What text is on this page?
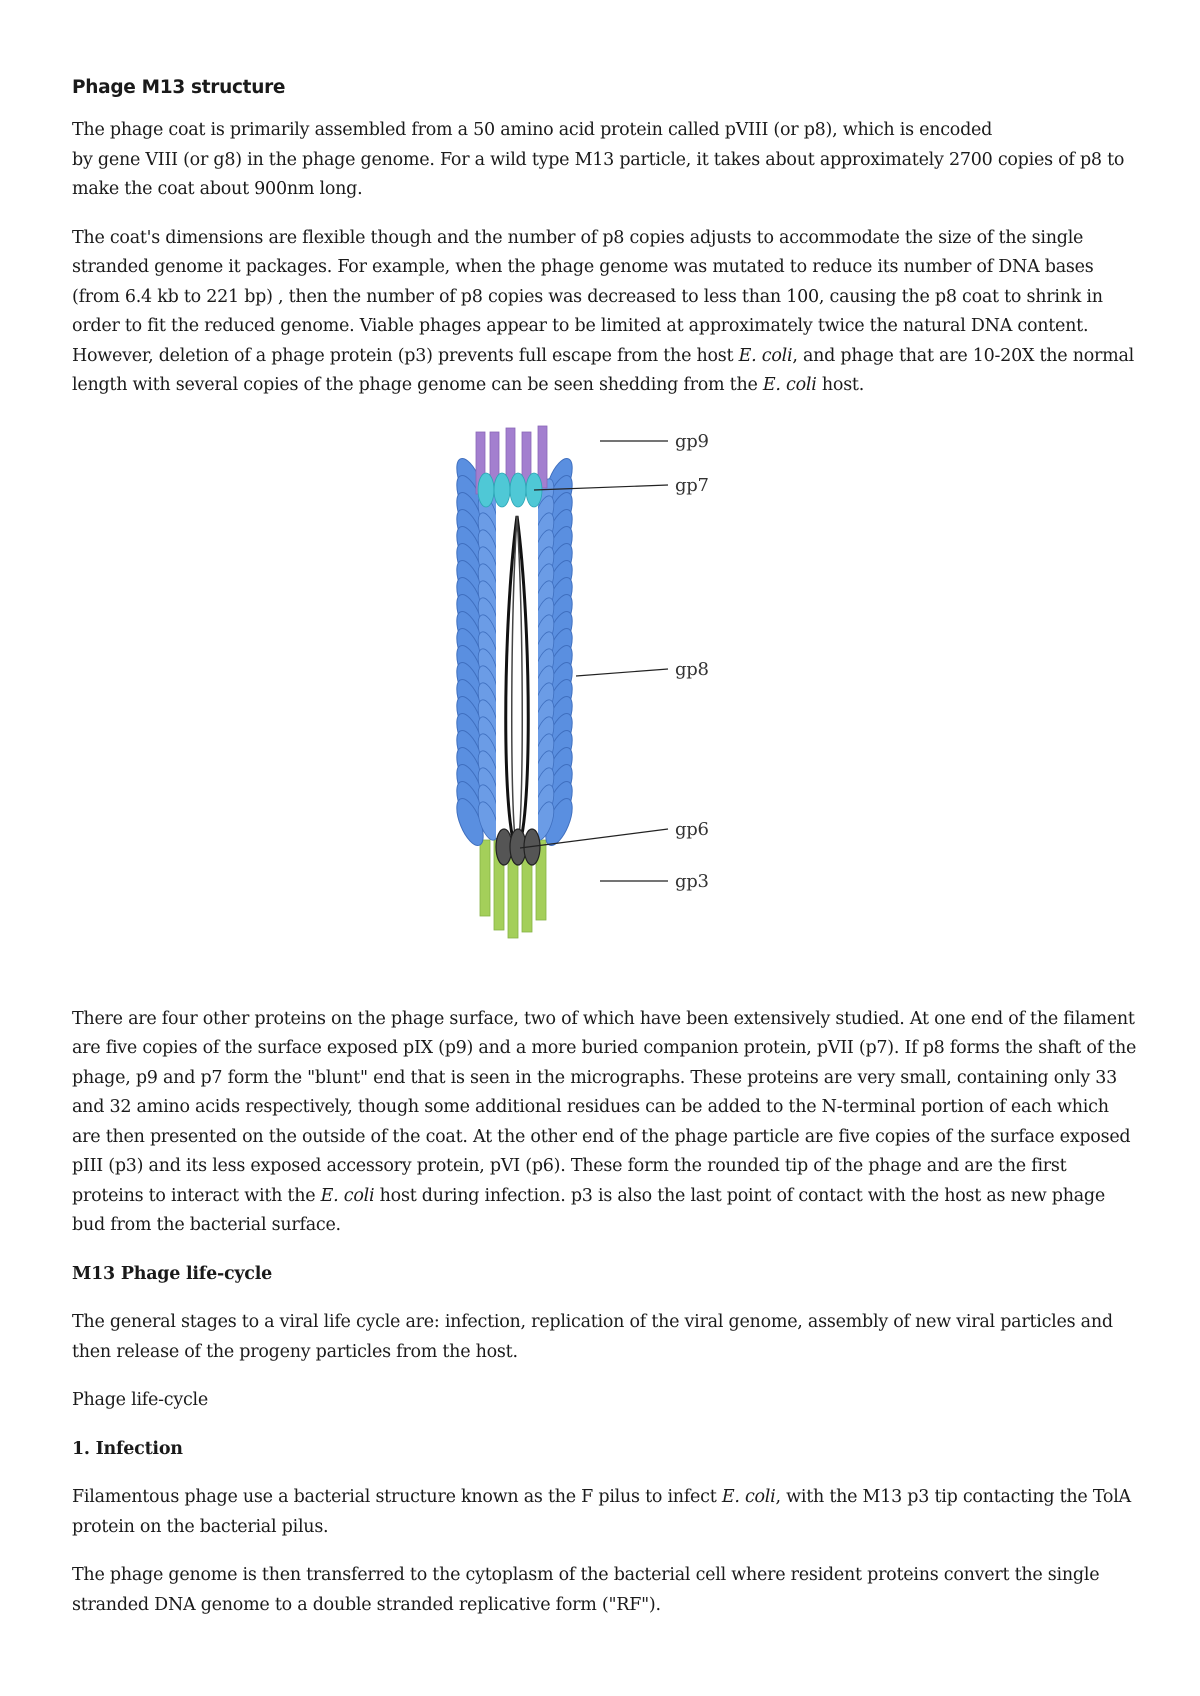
Phage M13 structure

The phage coat is primarily assembled from a 50 amino acid protein called pVIII (or p8), which is encoded
by gene VIII (or g8) in the phage genome. For a wild type M13 particle, it takes about approximately 2700 copies of p8 to make the coat about 900nm long.

The coat's dimensions are flexible though and the number of p8 copies adjusts to accommodate the size of the single stranded genome it packages. For example, when the phage genome was mutated to reduce its number of DNA bases (from 6.4 kb to 221 bp) , then the number of p8 copies was decreased to less than 100, causing the p8 coat to shrink in order to fit the reduced genome. Viable phages appear to be limited at approximately twice the natural DNA content. However, deletion of a phage protein (p3) prevents full escape from the host E. coli, and phage that are 10-20X the normal length with several copies of the phage genome can be seen shedding from the E. coli host.

gp9
gp7
gp8
gp6
gp3

There are four other proteins on the phage surface, two of which have been extensively studied. At one end of the filament are five copies of the surface exposed pIX (p9) and a more buried companion protein, pVII (p7). If p8 forms the shaft of the phage, p9 and p7 form the "blunt" end that is seen in the micrographs. These proteins are very small, containing only 33 and 32 amino acids respectively, though some additional residues can be added to the N-terminal portion of each which are then presented on the outside of the coat. At the other end of the phage particle are five copies of the surface exposed pIII (p3) and its less exposed accessory protein, pVI (p6). These form the rounded tip of the phage and are the first proteins to interact with the E. coli host during infection. p3 is also the last point of contact with the host as new phage bud from the bacterial surface.

M13 Phage life-cycle

The general stages to a viral life cycle are: infection, replication of the viral genome, assembly of new viral particles and then release of the progeny particles from the host.

Phage life-cycle

1. Infection

Filamentous phage use a bacterial structure known as the F pilus to infect E. coli, with the M13 p3 tip contacting the TolA protein on the bacterial pilus.

The phage genome is then transferred to the cytoplasm of the bacterial cell where resident proteins convert the single stranded DNA genome to a double stranded replicative form ("RF").
